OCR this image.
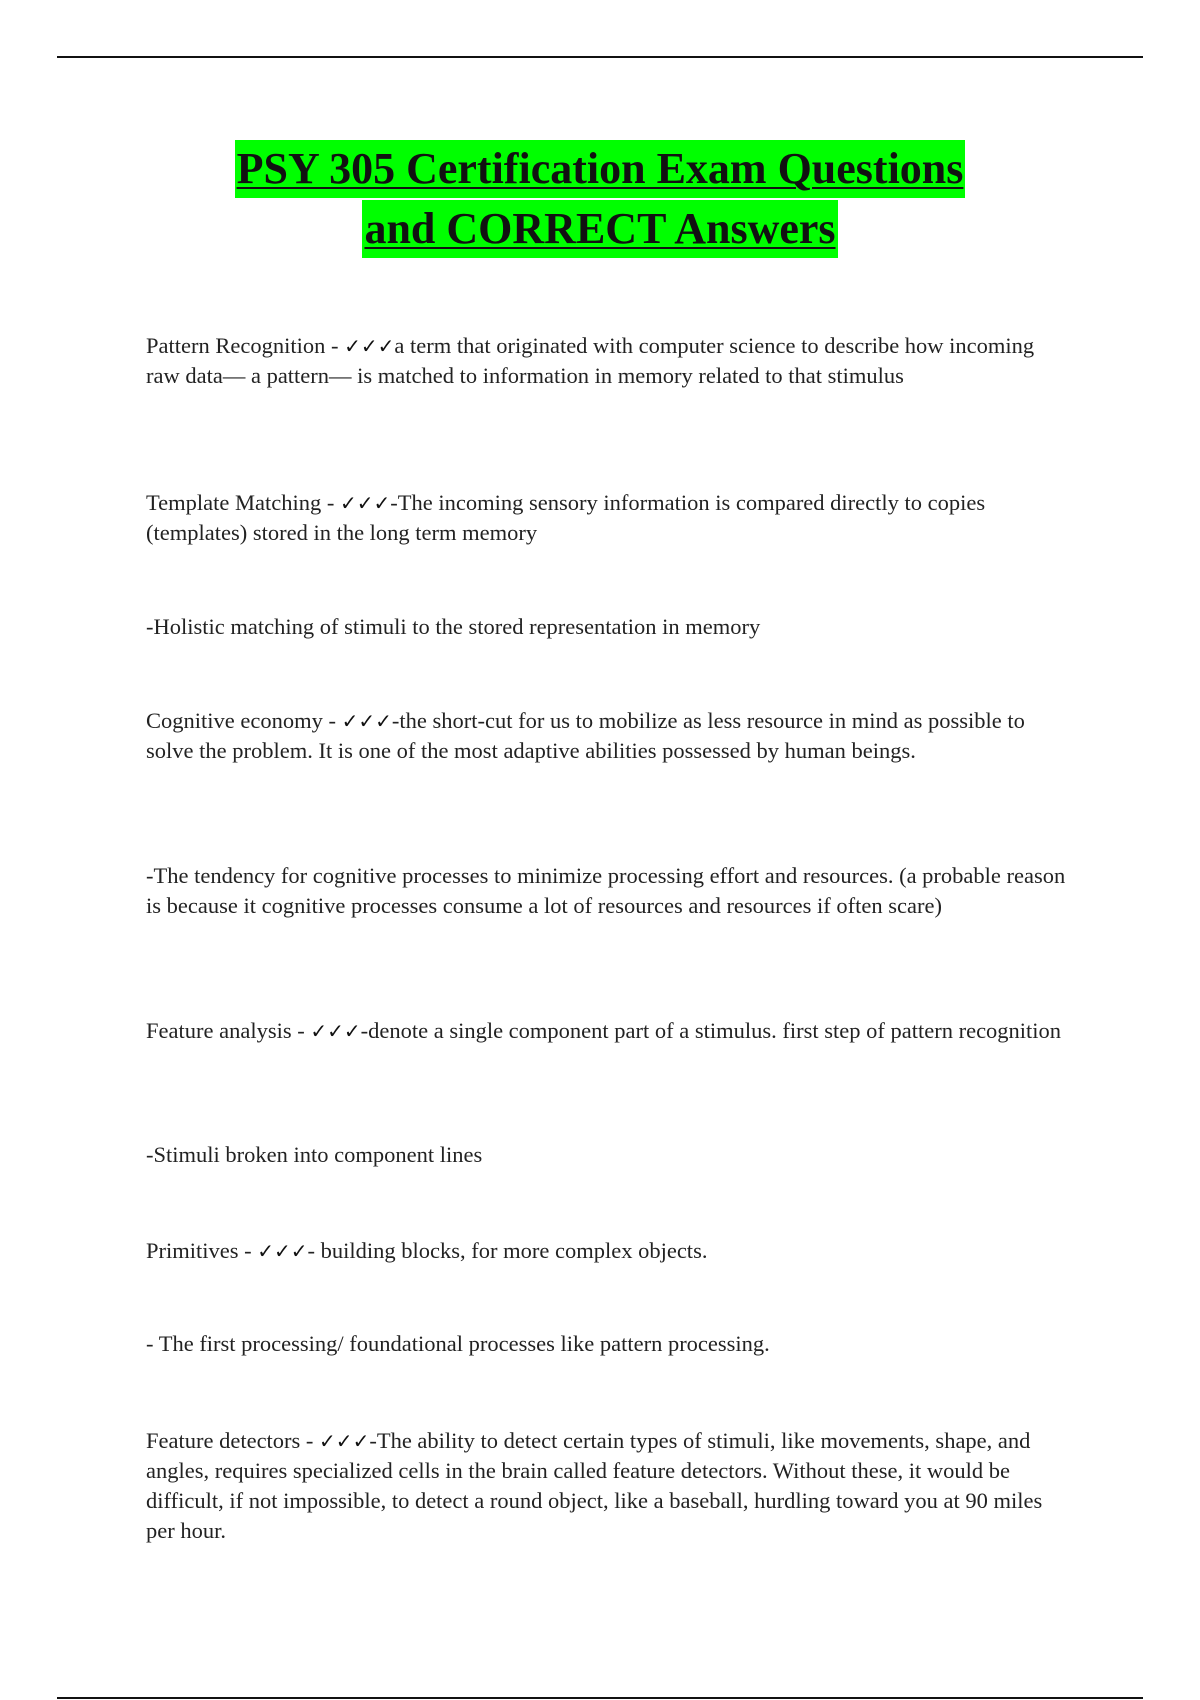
PSY 305 Certification Exam Questions
and CORRECT Answers
Pattern Recognition - ✓✓✓a term that originated with computer science to describe how incoming raw data— a pattern— is matched to information in memory related to that stimulus
Template Matching - ✓✓✓-The incoming sensory information is compared directly to copies (templates) stored in the long term memory
-Holistic matching of stimuli to the stored representation in memory
Cognitive economy - ✓✓✓-the short-cut for us to mobilize as less resource in mind as possible to solve the problem. It is one of the most adaptive abilities possessed by human beings.
-The tendency for cognitive processes to minimize processing effort and resources. (a probable reason is because it cognitive processes consume a lot of resources and resources if often scare)
Feature analysis - ✓✓✓-denote a single component part of a stimulus. first step of pattern recognition
-Stimuli broken into component lines
Primitives - ✓✓✓- building blocks, for more complex objects.
- The first processing/ foundational processes like pattern processing.
Feature detectors - ✓✓✓-The ability to detect certain types of stimuli, like movements, shape, and angles, requires specialized cells in the brain called feature detectors. Without these, it would be difficult, if not impossible, to detect a round object, like a baseball, hurdling toward you at 90 miles per hour.
